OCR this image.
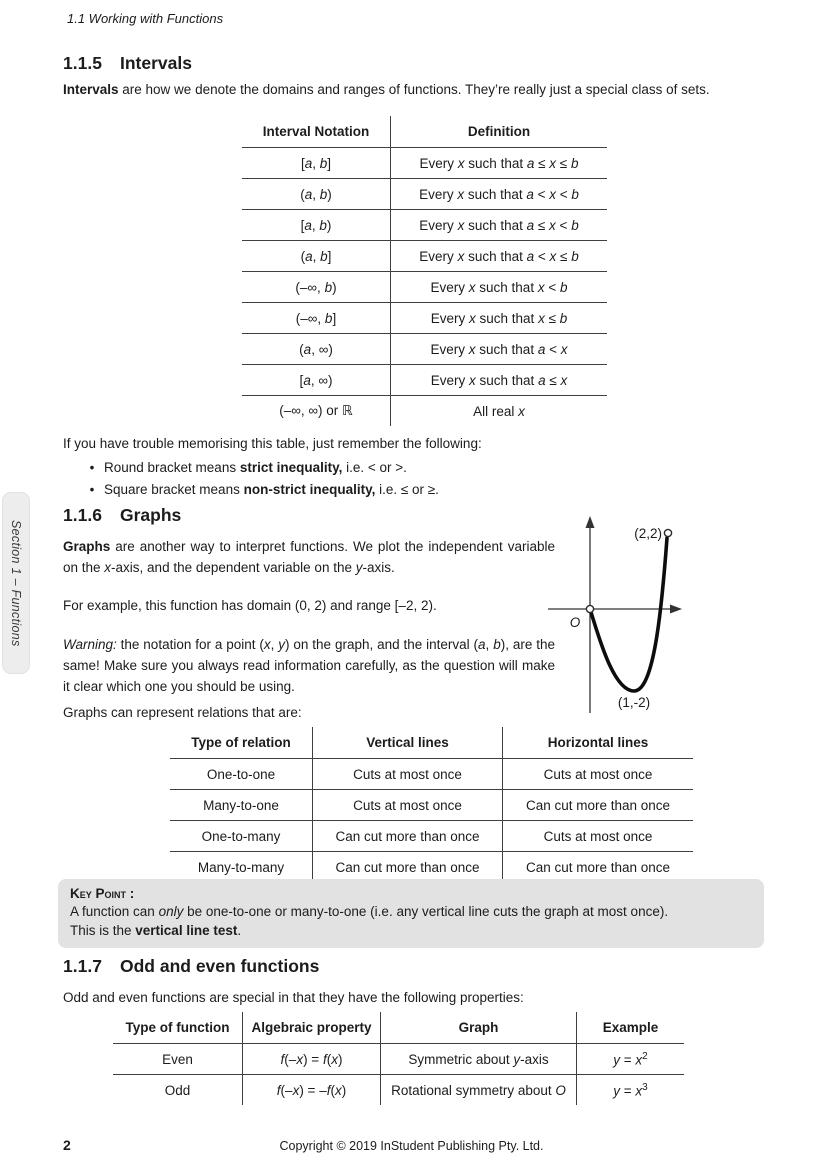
1.1 Working with Functions
Section 1 – Functions
1.1.5 Intervals

Intervals are how we denote the domains and ranges of functions. They’re really just a special class of sets.

Interval Notation	Definition
[a, b]	Every x such that a ≤ x ≤ b
(a, b)	Every x such that a < x < b
[a, b)	Every x such that a ≤ x < b
(a, b]	Every x such that a < x ≤ b
(–∞, b)	Every x such that x < b
(–∞, b]	Every x such that x ≤ b
(a, ∞)	Every x such that a < x
[a, ∞)	Every x such that a ≤ x
(–∞, ∞) or ℝ	All real x

If you have trouble memorising this table, just remember the following:

• Round bracket means strict inequality, i.e. < or >.
• Square bracket means non-strict inequality, i.e. ≤ or ≥.
1.1.6 Graphs

Graphs are another way to interpret functions. We plot the independent variable on the x-axis, and the dependent variable on the y-axis.

For example, this function has domain (0, 2) and range [–2, 2).

Warning: the notation for a point (x, y) on the graph, and the interval (a, b), are the same! Make sure you always read information carefully, as the question will make it clear which one you should be using.

Graphs can represent relations that are:

(2,2)
(1,-2)
O
Type of relation	Vertical lines	Horizontal lines
One-to-one	Cuts at most once	Cuts at most once
Many-to-one	Cuts at most once	Can cut more than once
One-to-many	Can cut more than once	Cuts at most once
Many-to-many	Can cut more than once	Can cut more than once
Key Point :
A function can only be one-to-one or many-to-one (i.e. any vertical line cuts the graph at most once).
This is the vertical line test.
1.1.7 Odd and even functions

Odd and even functions are special in that they have the following properties:

Type of function	Algebraic property	Graph	Example
Even	f(–x) = f(x)	Symmetric about y-axis	$y = x^2$
Odd	f(–x) = –f(x)	Rotational symmetry about O	$y = x^3$
2	Copyright © 2019 InStudent Publishing Pty. Ltd.
